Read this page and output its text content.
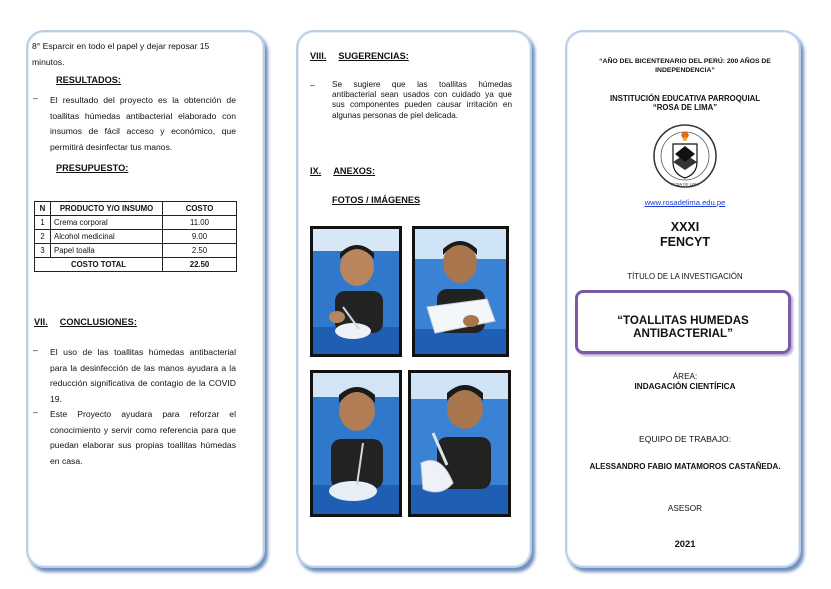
8° Esparcir en todo el papel y dejar reposar 15 minutos.
RESULTADOS:
– El resultado del proyecto es la obtención de toallitas húmedas antibacterial elaborado con insumos de fácil acceso y económico, que permitirá desinfectar tus manos.
PRESUPUESTO:
N	PRODUCTO Y/O INSUMO	COSTO
1	Crema corporal	11.00
2	Alcohol medicinal	9.00
3	Papel toalla	2.50
COSTO TOTAL		22.50
VII. CONCLUSIONES:
– El uso de las toallitas húmedas antibacterial para la desinfección de las manos ayudara a la reducción significativa de contagio de la COVID 19.
– Este Proyecto ayudara para reforzar el conocimiento y servir como referencia para que puedan elaborar sus propias toallitas húmedas en casa.
VIII. SUGERENCIAS:
– Se sugiere que las toallitas húmedas antibacterial sean usados con cuidado ya que sus componentes pueden causar irritación en algunas personas de piel delicada.
IX. ANEXOS:
FOTOS / IMÁGENES
“AÑO DEL BICENTENARIO DEL PERÚ: 200 AÑOS DE INDEPENDENCIA”
INSTITUCIÓN EDUCATIVA PARROQUIAL
“ROSA DE LIMA”
ROSA DE LIMA
www.rosadelima.edu.pe
XXXI
FENCYT
TÍTULO DE LA INVESTIGACIÓN
“TOALLITAS HUMEDAS ANTIBACTERIAL”
ÁREA:
INDAGACIÓN CIENTÍFICA
EQUIPO DE TRABAJO:
ALESSANDRO FABIO MATAMOROS CASTAÑEDA.
ASESOR
2021
